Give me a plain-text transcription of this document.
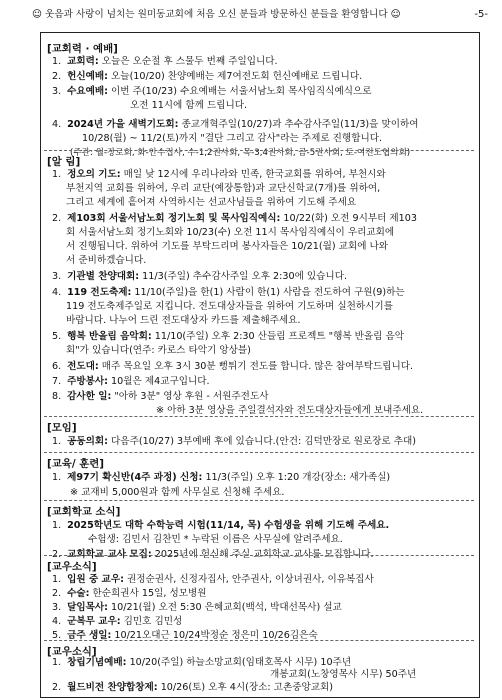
☺ 웃음과 사랑이 넘치는 원미동교회에 처음 오신 분들과 방문하신 분들을 환영합니다 ☺	-5-
[교회력 · 예배]
1. 교회력: 오늘은 오순절 후 스물두 번째 주일입니다.
2. 헌신예배: 오늘(10/20) 찬양예배는 제7여전도회 헌신예배로 드립니다.
3. 수요예배: 이번 주(10/23) 수요예배는 서울서남노회 목사임직식예식으로
오전 11시에 함께 드립니다.
4. 2024년 가을 새벽기도회: 종교개혁주일(10/27)과 추수감사주일(11/3)을 맞이하여
10/28(월) ~ 11/2(토)까지 "결단 그리고 감사"라는 주제로 진행합니다.
(주관: 월-장로회, 화-안수집사, 수-1,2권사회, 목-3,4권사회, 금-5권사회, 토-여전도협의회)
[알 림]
1. 정오의 기도: 매일 낮 12시에 우리나라와 민족, 한국교회를 위하여, 부천시와
부천지역 교회를 위하여, 우리 교단(예장통합)과 교단신학교(7개)를 위하여,
그리고 세계에 흩어져 사역하시는 선교사님들을 위하여 기도해 주세요
2. 제103회 서울서남노회 정기노회 및 목사임직예식: 10/22(화) 오전 9시부터 제103
회 서울서남노회 정기노회와 10/23(수) 오전 11시 목사임직예식이 우리교회에
서 진행됩니다. 위하여 기도를 부탁드리며 봉사자들은 10/21(월) 교회에 나와
서 준비하겠습니다.
3. 기관별 찬양대회: 11/3(주일) 추수감사주일 오후 2:30에 있습니다.
4. 119 전도축제: 11/10(주일)을 한(1) 사람이 한(1) 사람을 전도하여 구원(9)하는
119 전도축제주일로 지킵니다. 전도대상자들을 위하여 기도하며 실천하시기를
바랍니다. 나누어 드린 전도대상자 카드를 제출해주세요.
5. 행복 반올림 음악회: 11/10(주일) 오후 2:30 산들림 프로젝트 "행복 반올림 음악
회"가 있습니다(연주: 카로스 타악기 앙상블)
6. 전도대: 매주 목요일 오후 3시 30분 뻥튀기 전도를 합니다. 많은 참여부탁드립니다.
7. 주방봉사: 10월은 제4교구입니다.
8. 감사한 일: "아하 3분" 영상 후원 - 서원주전도사
※ 아하 3분 영상을 주일결석자와 전도대상자들에게 보내주세요.
[모임]
1. 공동의회: 다음주(10/27) 3부예배 후에 있습니다.(안건: 김덕만장로 원로장로 추대)
[교육/ 훈련]
1. 제97기 확신반(4주 과정) 신청: 11/3(주일) 오후 1:20 개강(장소: 새가족실)
※ 교재비 5,000원과 함께 사무실로 신청해 주세요.
[교회학교 소식]
1. 2025학년도 대학 수학능력 시험(11/14, 목) 수험생을 위해 기도해 주세요.
수험생: 김민서 김찬민 * 누락된 이름은 사무실에 알려주세요.
2. 교회학교 교사 모집: 2025년에 헌신해 주실 교회학교 교사를 모집합니다.
[교우소식]
1. 입원 중 교우: 권정순권사, 신정자집사, 안주권사, 이상녀권사, 이유복집사
2. 수술: 한순희권사 15일, 성모병원
3. 달임목사: 10/21(월) 오전 5:30 은혜교회(백석, 박대선목사) 설교
4. 군복무 교우: 김민호 김민성
5. 금주 생일: 10/21오대근 10/24박정순 정은미 10/26김은숙
[교우소식]
1. 창립기념예배: 10/20(주일) 하늘소망교회(임태호목사 시무) 10주년
개봉교회(노창영목사 시무) 50주년
2. 월드비전 찬양합창제: 10/26(토) 오후 4시(장소: 고촌중앙교회)
